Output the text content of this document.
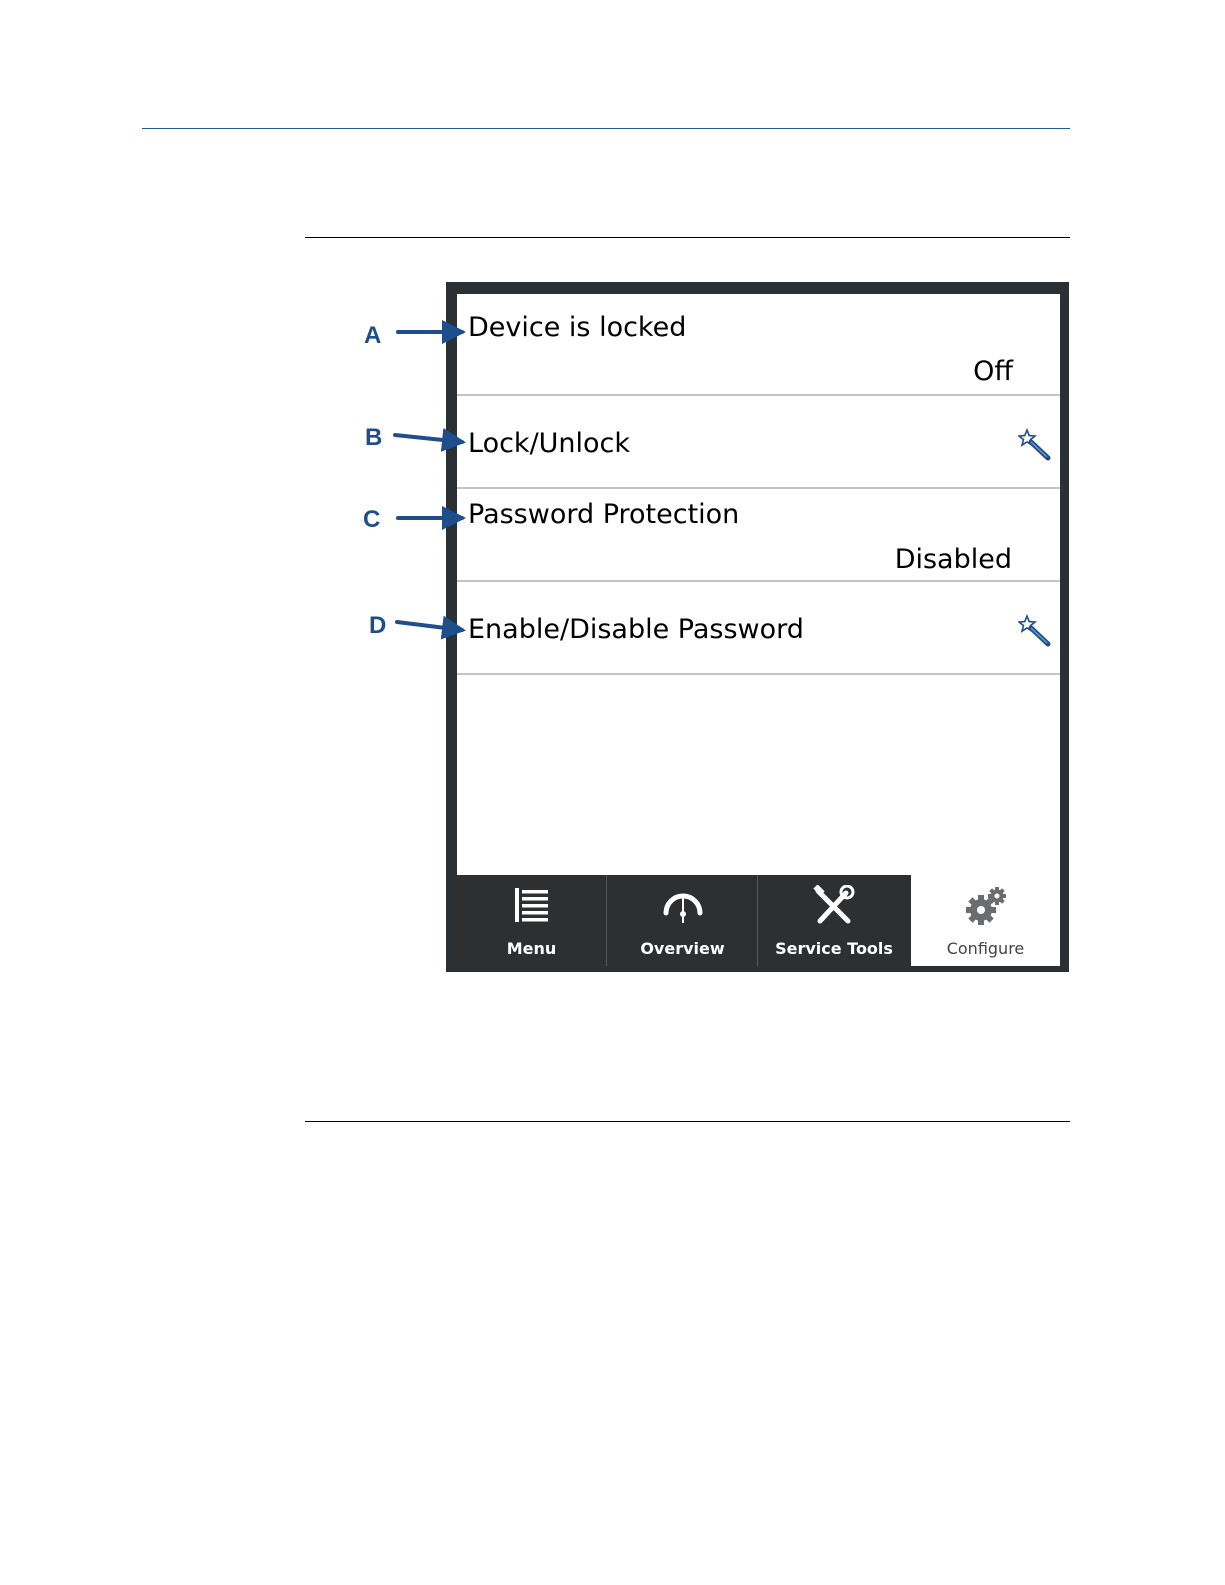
A
B
C
D
Device is locked
Off
Lock/Unlock
Password Protection
Disabled
Enable/Disable Password
Menu	Overview	Service Tools	Configure
